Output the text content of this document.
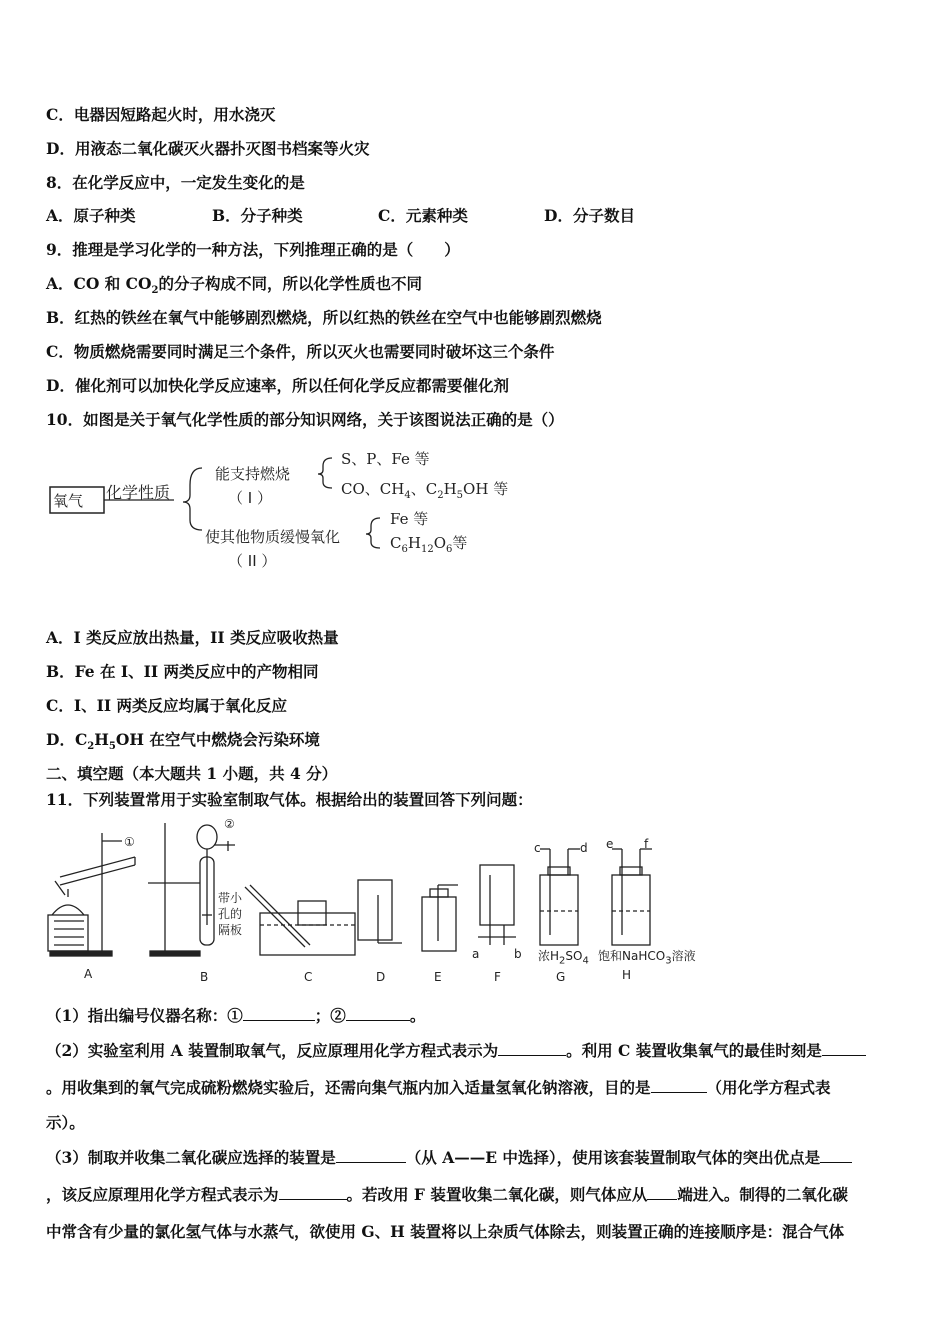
C．电器因短路起火时，用水浇灭
D．用液态二氧化碳灭火器扑灭图书档案等火灾
8．在化学反应中，一定发生变化的是
A．原子种类	B．分子种类	C．元素种类	D．分子数目
9．推理是学习化学的一种方法，下列推理正确的是（　　）
A．CO 和 $CO_2$的分子构成不同，所以化学性质也不同
B．红热的铁丝在氧气中能够剧烈燃烧，所以红热的铁丝在空气中也能够剧烈燃烧
C．物质燃烧需要同时满足三个条件，所以灭火也需要同时破坏这三个条件
D．催化剂可以加快化学反应速率，所以任何化学反应都需要催化剂
10．如图是关于氧气化学性质的部分知识网络，关于该图说法正确的是（）
氧气 化学性质
能支持燃烧
（ I ）
S、P、Fe 等
CO、$CH_4$、$C_2H_5OH$ 等
使其他物质缓慢氧化
（ II ）
Fe 等
$C_6H_{12}O_6$等
A．I 类反应放出热量，II 类反应吸收热量
B．Fe 在 I、II 两类反应中的产物相同
C．I、II 两类反应均属于氧化反应
D．$C_2H_5OH$ 在空气中燃烧会污染环境
二、填空题（本大题共 1 小题，共 4 分）
11．下列装置常用于实验室制取气体。根据给出的装置回答下列问题：
①
②
带小
孔的
隔板
c	d e	f
a	b 浓$H_2SO_4$ 饱和NaHCO$_3$溶液
A	B	C	D	E	F	G	H
（1）指出编号仪器名称：①	；②	。
（2）实验室利用 A 装置制取氧气，反应原理用化学方程式表示为	。利用 C 装置收集氧气的最佳时刻是
。用收集到的氧气完成硫粉燃烧实验后，还需向集气瓶内加入适量氢氧化钠溶液，目的是	（用化学方程式表
示）。
（3）制取并收集二氧化碳应选择的装置是	（从 A——E 中选择），使用该套装置制取气体的突出优点是
，该反应原理用化学方程式表示为	。若改用 F 装置收集二氧化碳，则气体应从 端进入。制得的二氧化碳
中常含有少量的氯化氢气体与水蒸气，欲使用 G、H 装置将以上杂质气体除去，则装置正确的连接顺序是：混合气体
